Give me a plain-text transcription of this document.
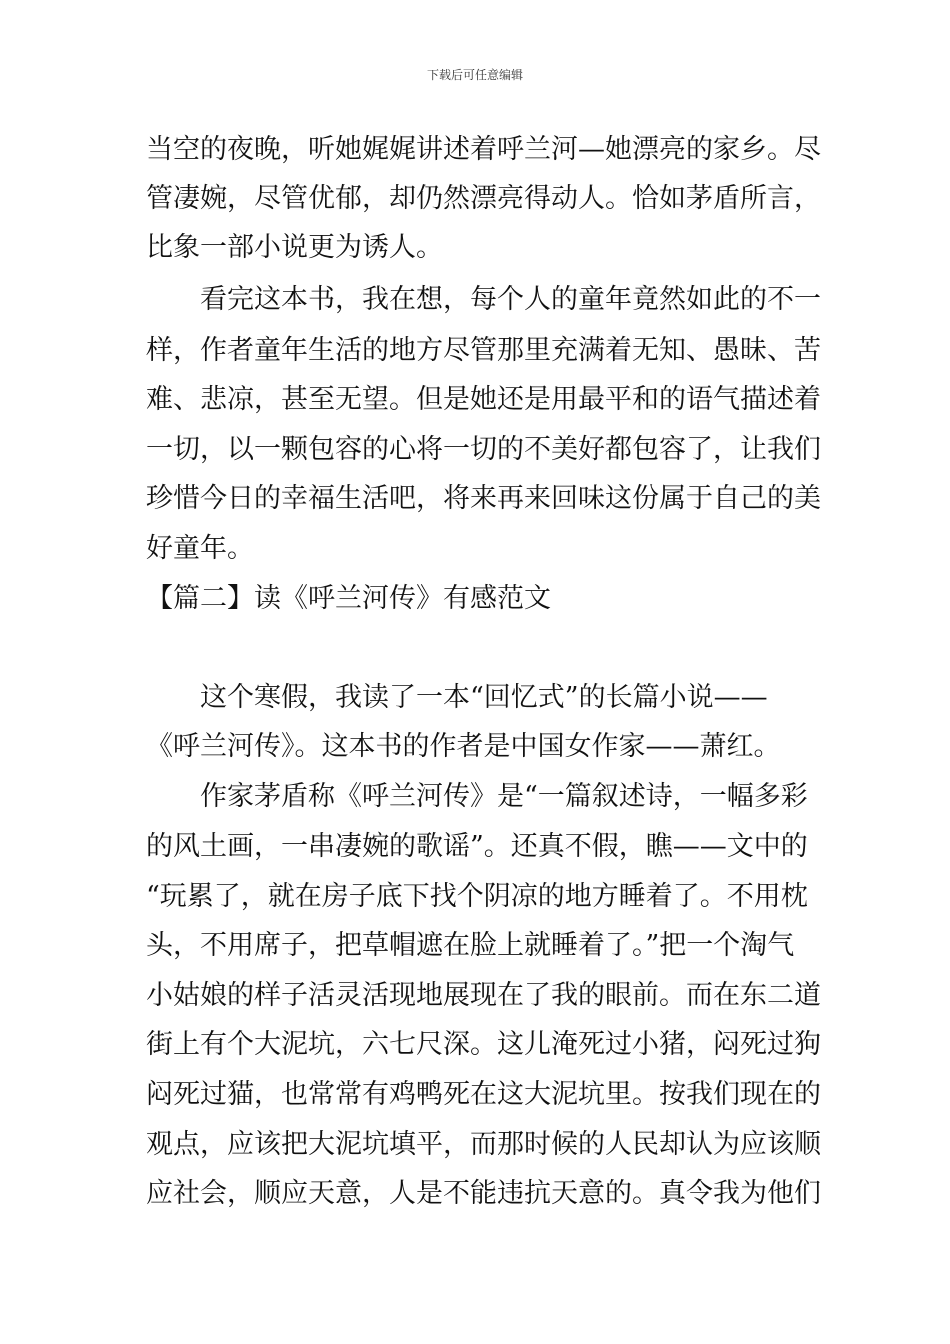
下载后可任意编辑
当空的夜晚，听她娓娓讲述着呼兰河—她漂亮的家乡。尽
管凄婉，尽管优郁，却仍然漂亮得动人。恰如茅盾所言，
比象一部小说更为诱人。
看完这本书，我在想，每个人的童年竟然如此的不一
样，作者童年生活的地方尽管那里充满着无知、愚昧、苦
难、悲凉，甚至无望。但是她还是用最平和的语气描述着
一切，以一颗包容的心将一切的不美好都包容了，让我们
珍惜今日的幸福生活吧，将来再来回味这份属于自己的美
好童年。
【篇二】读《呼兰河传》有感范文
这个寒假，我读了一本“回忆式”的长篇小说——
《呼兰河传》。这本书的作者是中国女作家——萧红。
作家茅盾称《呼兰河传》是“一篇叙述诗，一幅多彩
的风土画，一串凄婉的歌谣”。还真不假，瞧——文中的
“玩累了，就在房子底下找个阴凉的地方睡着了。不用枕
头，不用席子，把草帽遮在脸上就睡着了。”把一个淘气
小姑娘的样子活灵活现地展现在了我的眼前。而在东二道
街上有个大泥坑，六七尺深。这儿淹死过小猪，闷死过狗
闷死过猫，也常常有鸡鸭死在这大泥坑里。按我们现在的
观点，应该把大泥坑填平，而那时候的人民却认为应该顺
应社会，顺应天意，人是不能违抗天意的。真令我为他们
